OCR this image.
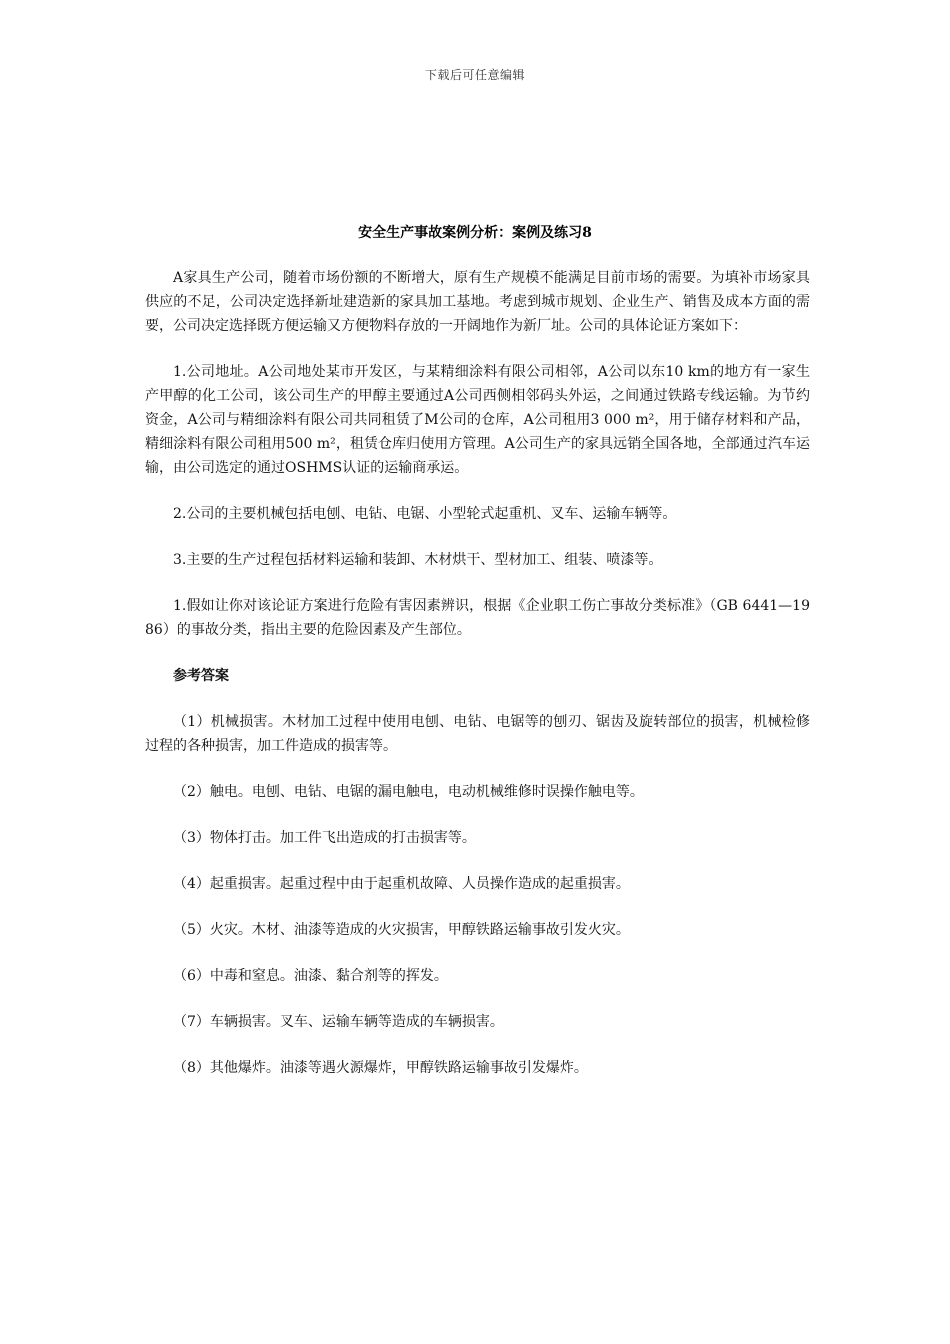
下载后可任意编辑
安全生产事故案例分析：案例及练习8

A家具生产公司，随着市场份额的不断增大，原有生产规模不能满足目前市场的需要。为填补市场家具供应的不足，公司决定选择新址建造新的家具加工基地。考虑到城市规划、企业生产、销售及成本方面的需要，公司决定选择既方便运输又方便物料存放的一开阔地作为新厂址。公司的具体论证方案如下：

1.公司地址。A公司地处某市开发区，与某精细涂料有限公司相邻，A公司以东10 km的地方有一家生产甲醇的化工公司，该公司生产的甲醇主要通过A公司西侧相邻码头外运，之间通过铁路专线运输。为节约资金，A公司与精细涂料有限公司共同租赁了M公司的仓库，A公司租用3 000 m²，用于储存材料和产品，精细涂料有限公司租用500 m²，租赁仓库归使用方管理。A公司生产的家具远销全国各地，全部通过汽车运输，由公司选定的通过OSHMS认证的运输商承运。

2.公司的主要机械包括电刨、电钻、电锯、小型轮式起重机、叉车、运输车辆等。

3.主要的生产过程包括材料运输和装卸、木材烘干、型材加工、组装、喷漆等。

1.假如让你对该论证方案进行危险有害因素辨识，根据《企业职工伤亡事故分类标准》（GB 6441—1986）的事故分类，指出主要的危险因素及产生部位。

参考答案

（1）机械损害。木材加工过程中使用电刨、电钻、电锯等的刨刃、锯齿及旋转部位的损害，机械检修过程的各种损害，加工件造成的损害等。

（2）触电。电刨、电钻、电锯的漏电触电，电动机械维修时误操作触电等。

（3）物体打击。加工件飞出造成的打击损害等。

（4）起重损害。起重过程中由于起重机故障、人员操作造成的起重损害。

（5）火灾。木材、油漆等造成的火灾损害，甲醇铁路运输事故引发火灾。

（6）中毒和窒息。油漆、黏合剂等的挥发。

（7）车辆损害。叉车、运输车辆等造成的车辆损害。

（8）其他爆炸。油漆等遇火源爆炸，甲醇铁路运输事故引发爆炸。
